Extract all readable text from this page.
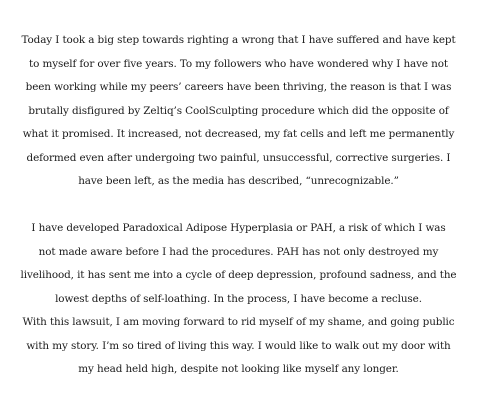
Today I took a big step towards righting a wrong that I have suffered and have kept
to myself for over five years. To my followers who have wondered why I have not
been working while my peers’ careers have been thriving, the reason is that I was
brutally disfigured by Zeltiq’s CoolSculpting procedure which did the opposite of
what it promised. It increased, not decreased, my fat cells and left me permanently
deformed even after undergoing two painful, unsuccessful, corrective surgeries. I
have been left, as the media has described, “unrecognizable.”

I have developed Paradoxical Adipose Hyperplasia or PAH, a risk of which I was
not made aware before I had the procedures. PAH has not only destroyed my
livelihood, it has sent me into a cycle of deep depression, profound sadness, and the
lowest depths of self-loathing. In the process, I have become a recluse.
With this lawsuit, I am moving forward to rid myself of my shame, and going public
with my story. I’m so tired of living this way. I would like to walk out my door with
my head held high, despite not looking like myself any longer.
